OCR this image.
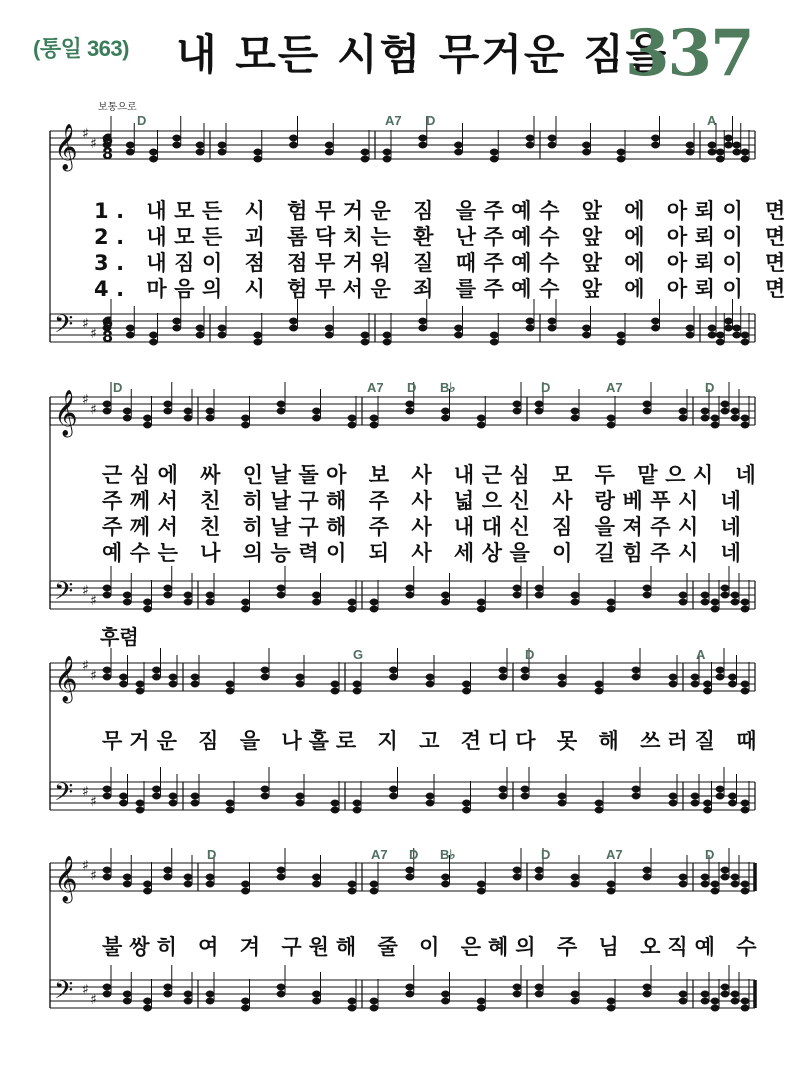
(통일 363) 내 모든 시험 무거운 짐을
337
보통으로
𝄞
𝄢
♯
♯
♯
♯
6
8
6
8
𝄞
𝄢
♯
♯
♯
♯
𝄞
𝄢
♯
♯
♯
♯
𝄞
𝄢
♯
♯
♯
♯
D	A7 D	A
D	A7 D B♭	D	A7	D
G	D	A
D	A7 D B♭	D	A7	D
1. 내모든 시 험무거운 짐 을주예수 앞 에 아뢰이 면
2. 내모든 괴 롬닥치는 환 난주예수 앞 에 아뢰이 면
3. 내짐이 점 점무거워 질 때주예수 앞 에 아뢰이 면
4. 마음의 시 험무서운 죄 를주예수 앞 에 아뢰이 면
근심에 싸 인날돌아 보 사 내근심 모 두 맡으시 네
주께서 친 히날구해 주 사 넓으신 사 랑베푸시 네
주께서 친 히날구해 주 사 내대신 짐 을져주시 네
예수는 나 의능력이 되 사 세상을 이 길힘주시 네
후렴
무거운 짐 을 나홀로 지 고 견디다 못 해 쓰러질 때
불쌍히 여 겨 구원해 줄 이 은혜의 주 님 오직예 수
